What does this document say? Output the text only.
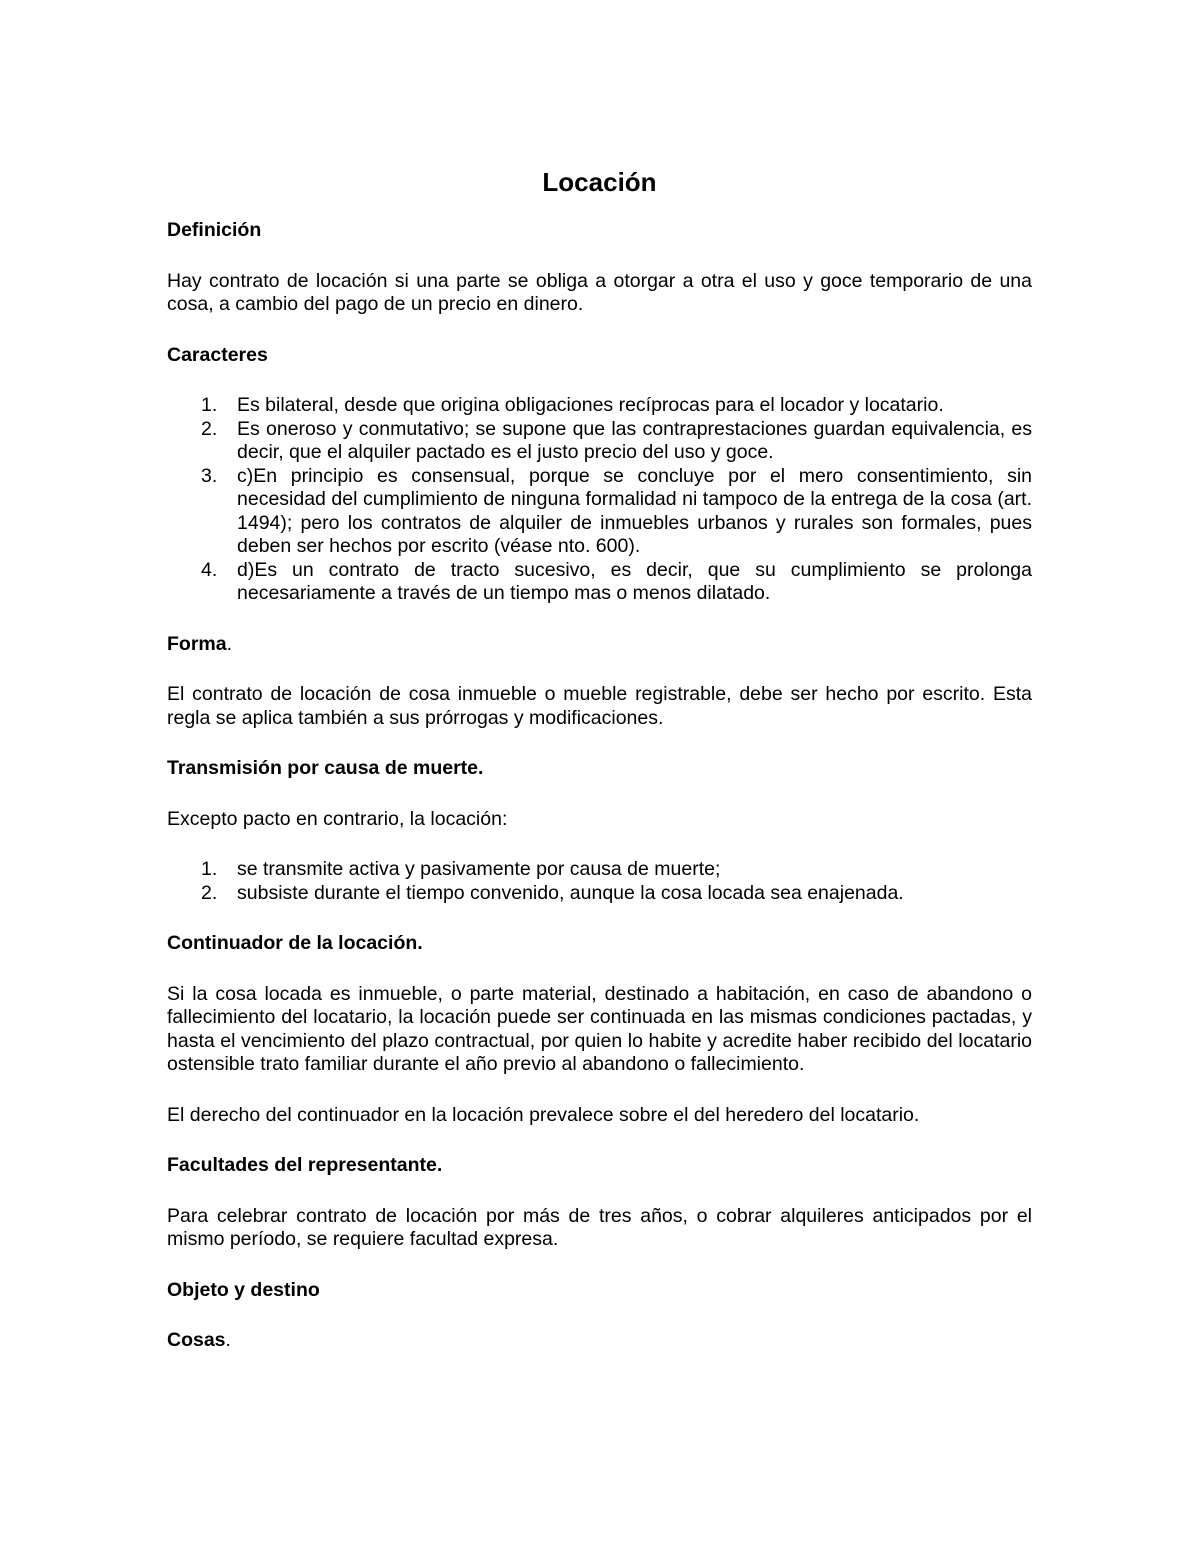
Locación
Definición
Hay contrato de locación si una parte se obliga a otorgar a otra el uso y goce temporario de una cosa, a cambio del pago de un precio en dinero.
Caracteres
1. Es bilateral, desde que origina obligaciones recíprocas para el locador y locatario.
2. Es oneroso y conmutativo; se supone que las contraprestaciones guardan equivalencia, es decir, que el alquiler pactado es el justo precio del uso y goce.
3. c)En principio es consensual, porque se concluye por el mero consentimiento, sin necesidad del cumplimiento de ninguna formalidad ni tampoco de la entrega de la cosa (art. 1494); pero los contratos de alquiler de inmuebles urbanos y rurales son formales, pues deben ser hechos por escrito (véase nto. 600).
4. d)Es un contrato de tracto sucesivo, es decir, que su cumplimiento se prolonga necesariamente a través de un tiempo mas o menos dilatado.
Forma.
El contrato de locación de cosa inmueble o mueble registrable, debe ser hecho por escrito. Esta regla se aplica también a sus prórrogas y modificaciones.
Transmisión por causa de muerte.
Excepto pacto en contrario, la locación:
1. se transmite activa y pasivamente por causa de muerte;
2. subsiste durante el tiempo convenido, aunque la cosa locada sea enajenada.
Continuador de la locación.
Si la cosa locada es inmueble, o parte material, destinado a habitación, en caso de abandono o fallecimiento del locatario, la locación puede ser continuada en las mismas condiciones pactadas, y hasta el vencimiento del plazo contractual, por quien lo habite y acredite haber recibido del locatario ostensible trato familiar durante el año previo al abandono o fallecimiento.
El derecho del continuador en la locación prevalece sobre el del heredero del locatario.
Facultades del representante.
Para celebrar contrato de locación por más de tres años, o cobrar alquileres anticipados por el mismo período, se requiere facultad expresa.
Objeto y destino
Cosas.
